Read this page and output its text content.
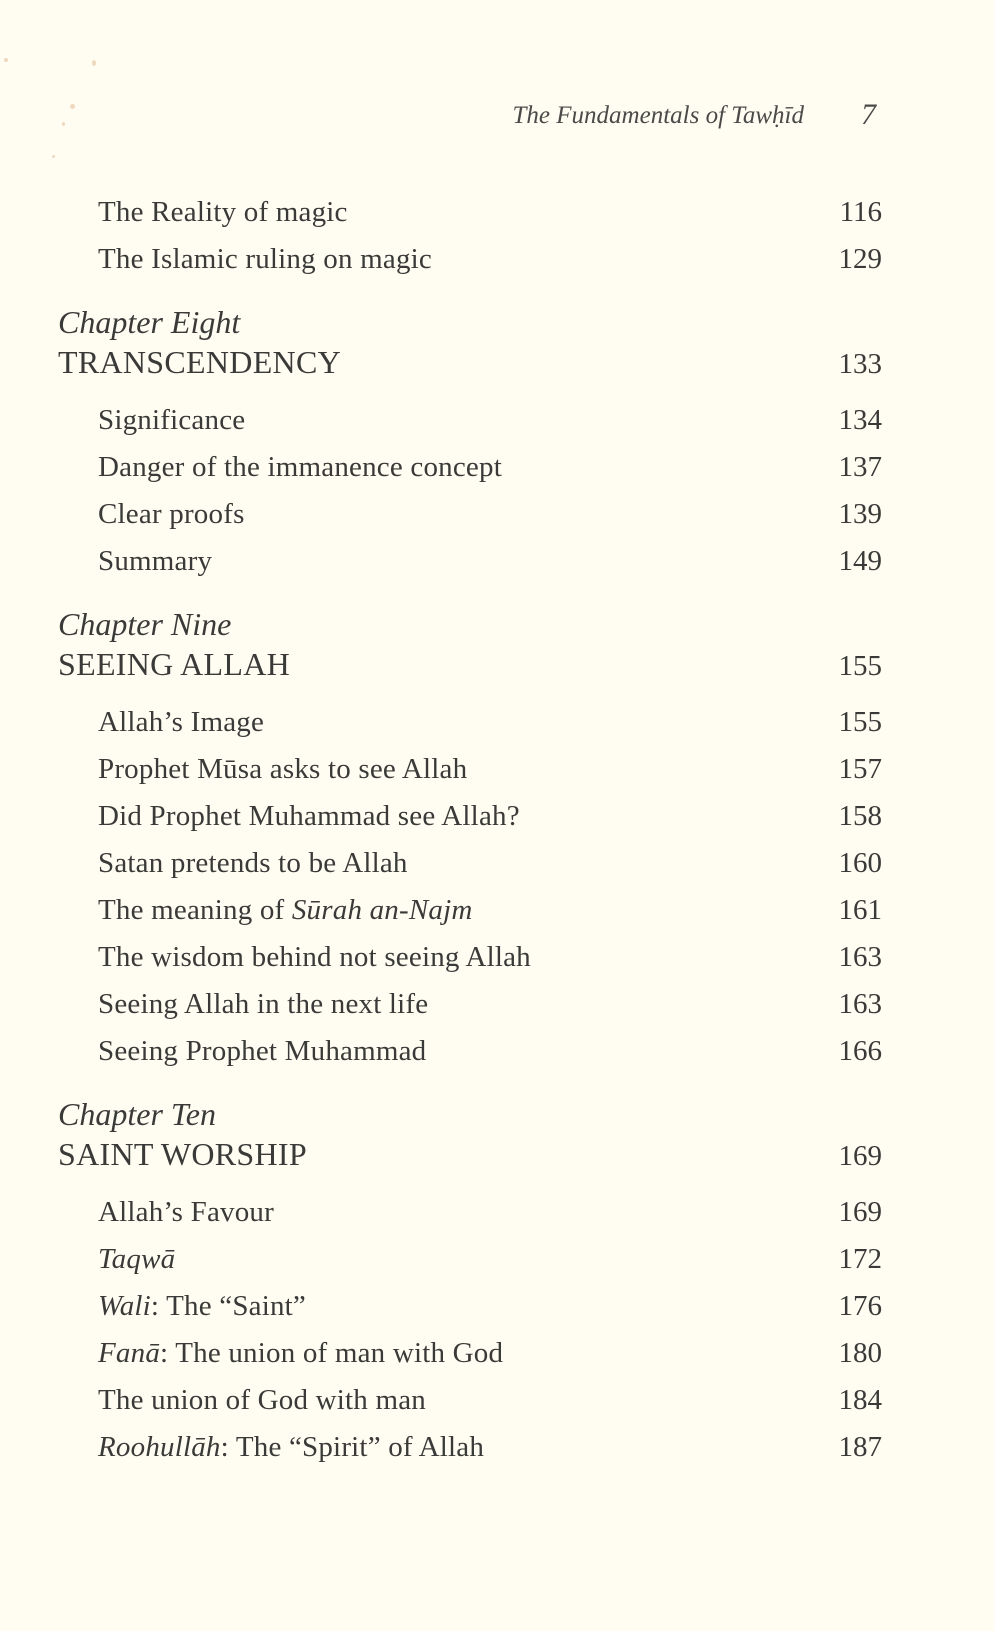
The Fundamentals of Tawḥīd 7
The Reality of magic	116
The Islamic ruling on magic	129
Chapter Eight
TRANSCENDENCY	133
Significance	134
Danger of the immanence concept	137
Clear proofs	139
Summary	149
Chapter Nine
SEEING ALLAH	155
Allah’s Image	155
Prophet Mūsa asks to see Allah	157
Did Prophet Muhammad see Allah?	158
Satan pretends to be Allah	160
The meaning of Sūrah an-Najm	161
The wisdom behind not seeing Allah	163
Seeing Allah in the next life	163
Seeing Prophet Muhammad	166
Chapter Ten
SAINT WORSHIP	169
Allah’s Favour	169
Taqwā	172
Wali: The “Saint”	176
Fanā: The union of man with God	180
The union of God with man	184
Roohullāh: The “Spirit” of Allah	187
